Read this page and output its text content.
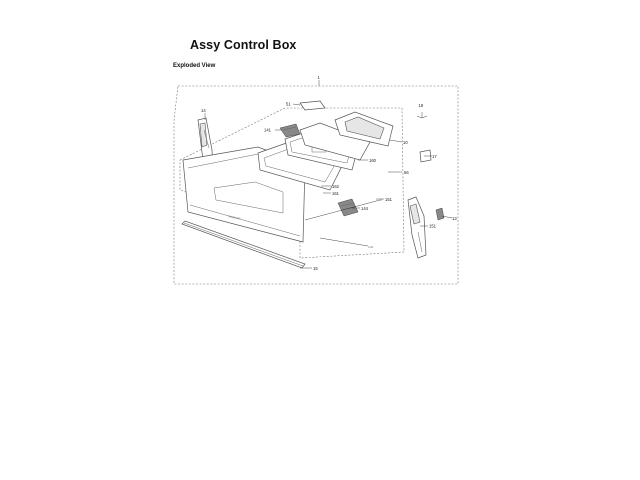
Assy Control Box
Exploded View
1
14
SAMSUNG
51
141
18
10
160
17
56
162
161
144
151
1441
13
151
15
